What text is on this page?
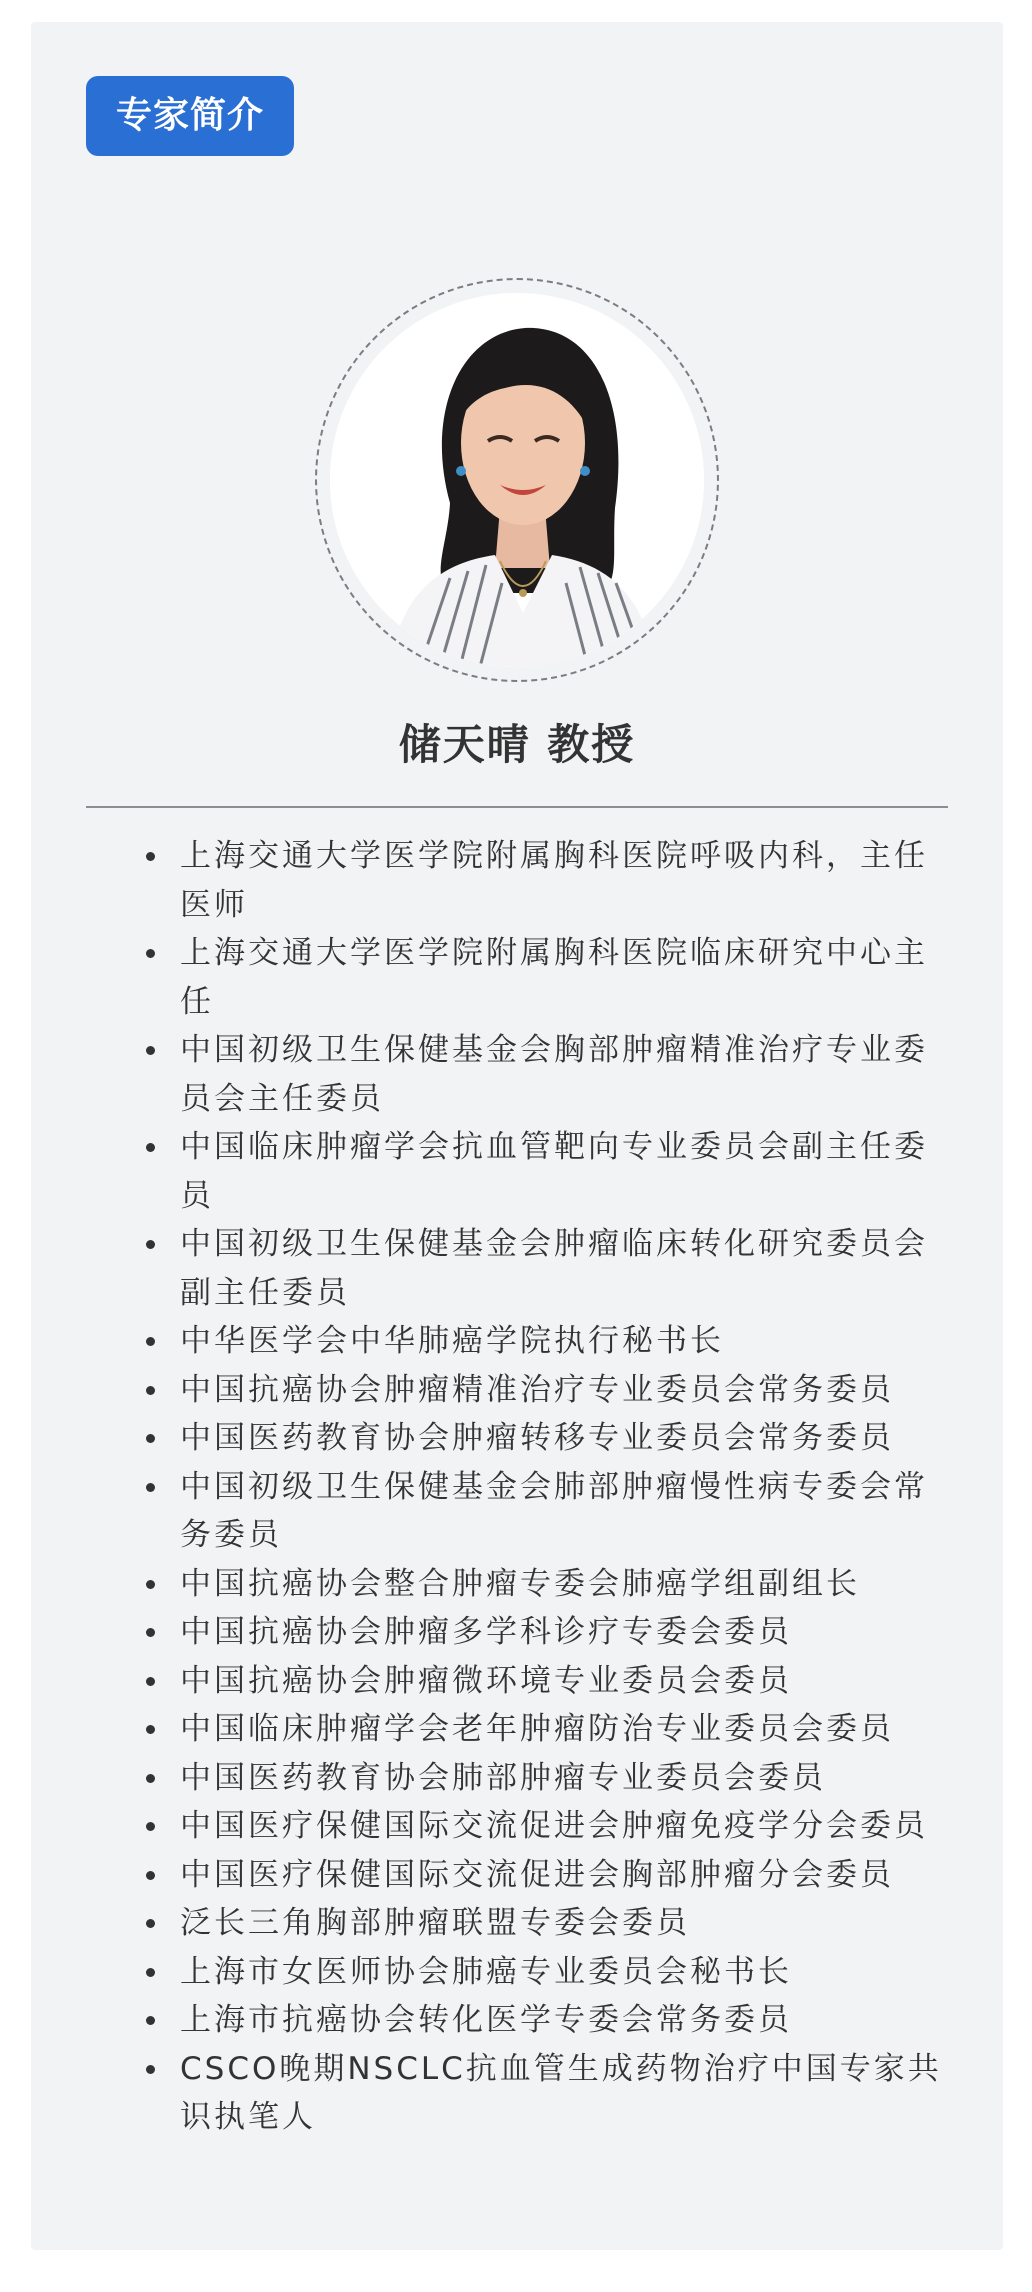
专家简介
储天晴 教授
上海交通大学医学院附属胸科医院呼吸内科，主任医师
上海交通大学医学院附属胸科医院临床研究中心主任
中国初级卫生保健基金会胸部肿瘤精准治疗专业委员会主任委员
中国临床肿瘤学会抗血管靶向专业委员会副主任委员
中国初级卫生保健基金会肿瘤临床转化研究委员会副主任委员
中华医学会中华肺癌学院执行秘书长
中国抗癌协会肿瘤精准治疗专业委员会常务委员
中国医药教育协会肿瘤转移专业委员会常务委员
中国初级卫生保健基金会肺部肿瘤慢性病专委会常务委员
中国抗癌协会整合肿瘤专委会肺癌学组副组长
中国抗癌协会肿瘤多学科诊疗专委会委员
中国抗癌协会肿瘤微环境专业委员会委员
中国临床肿瘤学会老年肿瘤防治专业委员会委员
中国医药教育协会肺部肿瘤专业委员会委员
中国医疗保健国际交流促进会肿瘤免疫学分会委员
中国医疗保健国际交流促进会胸部肿瘤分会委员
泛长三角胸部肿瘤联盟专委会委员
上海市女医师协会肺癌专业委员会秘书长
上海市抗癌协会转化医学专委会常务委员
CSCO晚期NSCLC抗血管生成药物治疗中国专家共识执笔人
